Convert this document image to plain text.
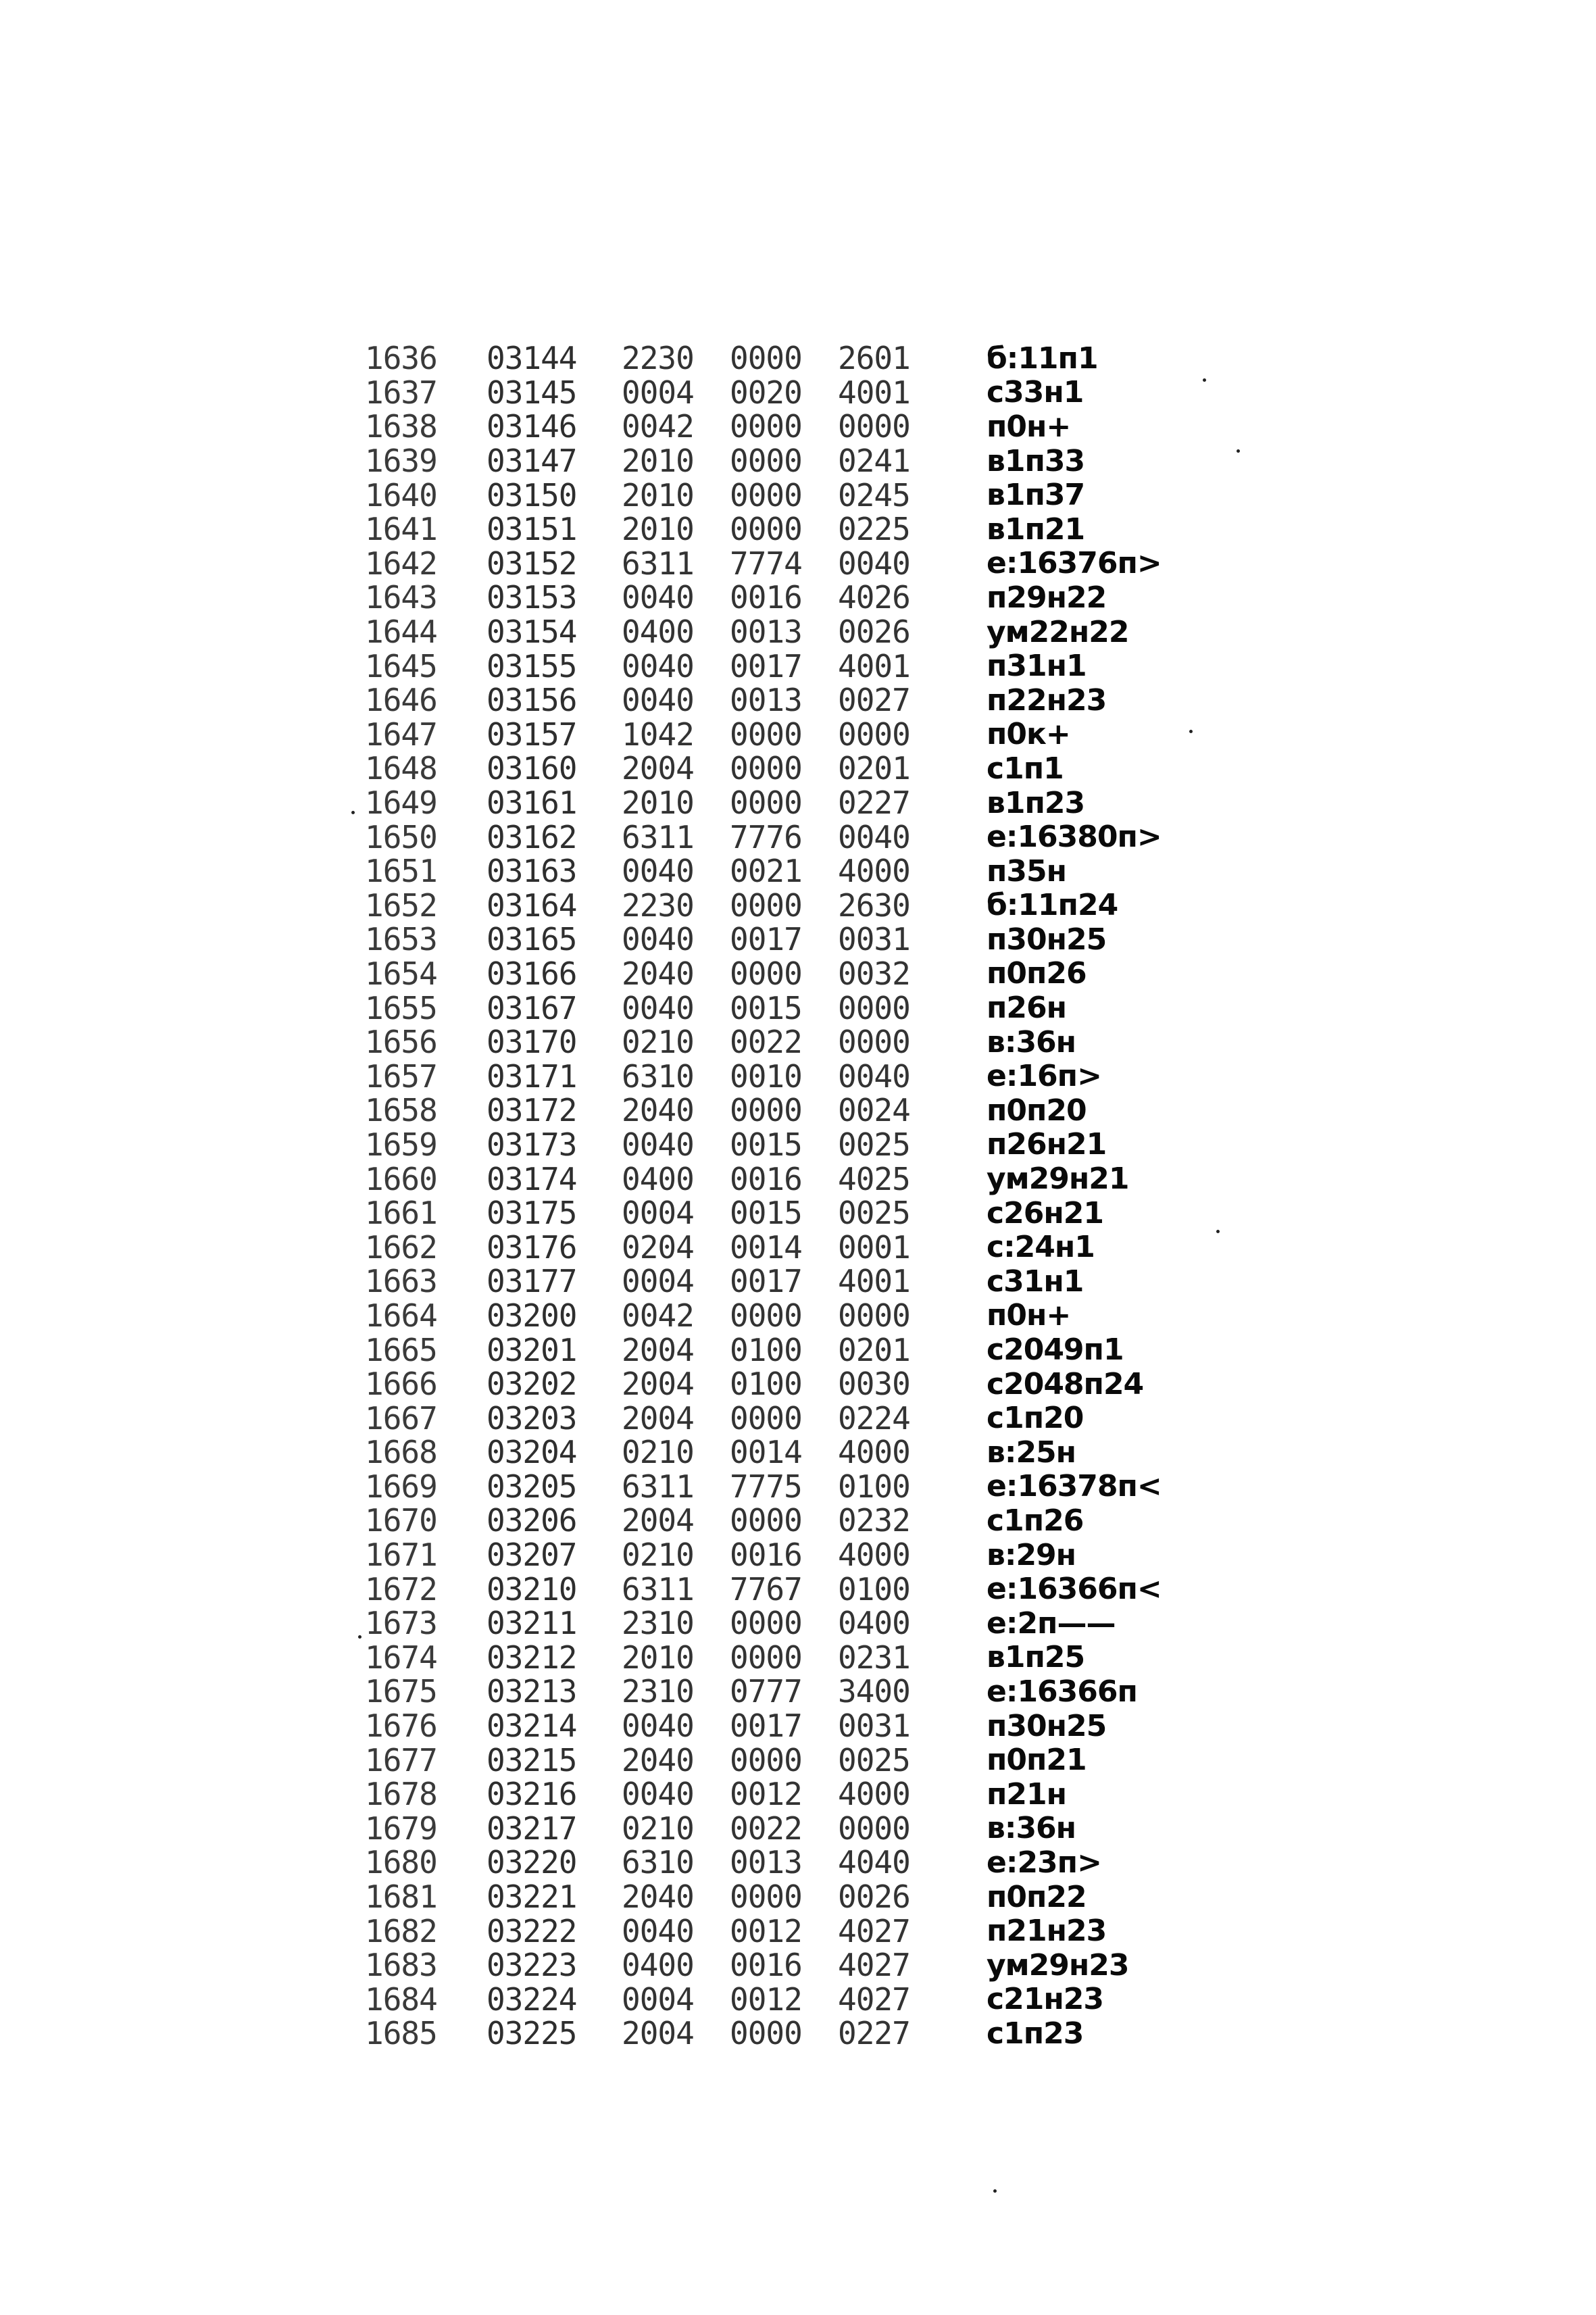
1636	03144	2230	0000	2601	б:11п1
1637	03145	0004	0020	4001	с33н1
1638	03146	0042	0000	0000	п0н+
1639	03147	2010	0000	0241	в1п33
1640	03150	2010	0000	0245	в1п37
1641	03151	2010	0000	0225	в1п21
1642	03152	6311	7774	0040	е:16376п>
1643	03153	0040	0016	4026	п29н22
1644	03154	0400	0013	0026	ум22н22
1645	03155	0040	0017	4001	п31н1
1646	03156	0040	0013	0027	п22н23
1647	03157	1042	0000	0000	п0к+
1648	03160	2004	0000	0201	с1п1
1649	03161	2010	0000	0227	в1п23
1650	03162	6311	7776	0040	е:16380п>
1651	03163	0040	0021	4000	п35н
1652	03164	2230	0000	2630	б:11п24
1653	03165	0040	0017	0031	п30н25
1654	03166	2040	0000	0032	п0п26
1655	03167	0040	0015	0000	п26н
1656	03170	0210	0022	0000	в:36н
1657	03171	6310	0010	0040	е:16п>
1658	03172	2040	0000	0024	п0п20
1659	03173	0040	0015	0025	п26н21
1660	03174	0400	0016	4025	ум29н21
1661	03175	0004	0015	0025	с26н21
1662	03176	0204	0014	0001	с:24н1
1663	03177	0004	0017	4001	с31н1
1664	03200	0042	0000	0000	п0н+
1665	03201	2004	0100	0201	с2049п1
1666	03202	2004	0100	0030	с2048п24
1667	03203	2004	0000	0224	с1п20
1668	03204	0210	0014	4000	в:25н
1669	03205	6311	7775	0100	е:16378п<
1670	03206	2004	0000	0232	с1п26
1671	03207	0210	0016	4000	в:29н
1672	03210	6311	7767	0100	е:16366п<
1673	03211	2310	0000	0400	е:2п——
1674	03212	2010	0000	0231	в1п25
1675	03213	2310	0777	3400	е:16366п
1676	03214	0040	0017	0031	п30н25
1677	03215	2040	0000	0025	п0п21
1678	03216	0040	0012	4000	п21н
1679	03217	0210	0022	0000	в:36н
1680	03220	6310	0013	4040	е:23п>
1681	03221	2040	0000	0026	п0п22
1682	03222	0040	0012	4027	п21н23
1683	03223	0400	0016	4027	ум29н23
1684	03224	0004	0012	4027	с21н23
1685	03225	2004	0000	0227	с1п23
